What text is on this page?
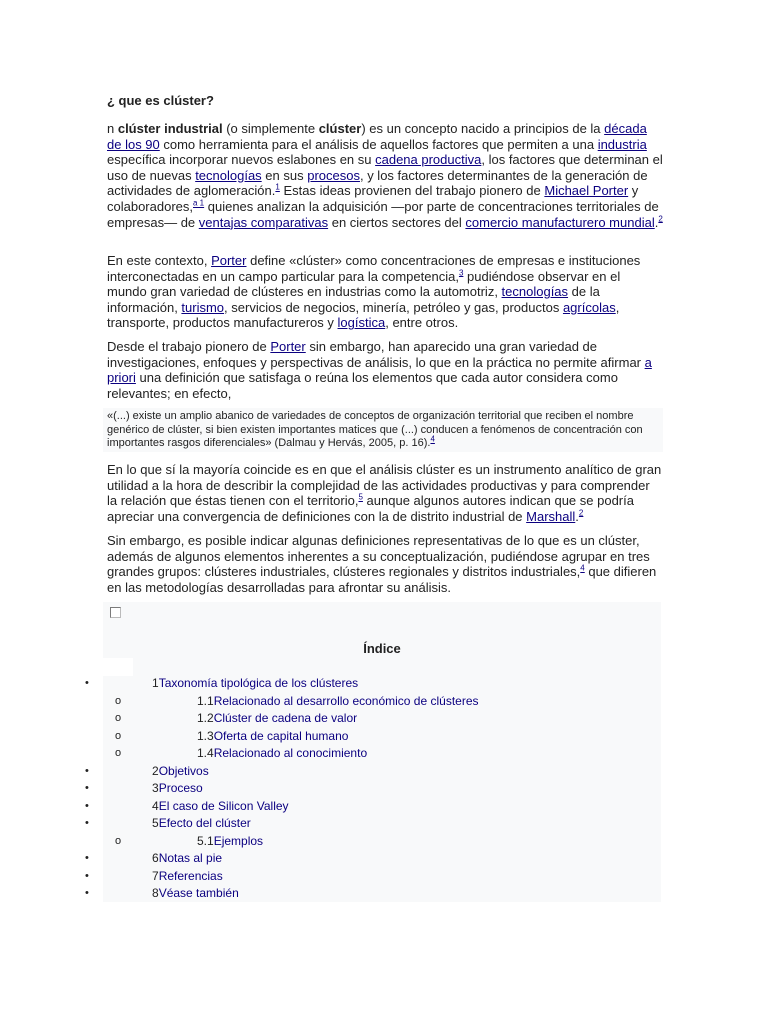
¿ que es clúster?
n clúster industrial (o simplemente clúster) es un concepto nacido a principios de la década de los 90 como herramienta para el análisis de aquellos factores que permiten a una industria específica incorporar nuevos eslabones en su cadena productiva, los factores que determinan el uso de nuevas tecnologías en sus procesos, y los factores determinantes de la generación de actividades de aglomeración.$^1$ Estas ideas provienen del trabajo pionero de Michael Porter y colaboradores,$^{a 1}$ quienes analizan la adquisición —por parte de concentraciones territoriales de empresas— de ventajas comparativas en ciertos sectores del comercio manufacturero mundial.$^2$
En este contexto, Porter define «clúster» como concentraciones de empresas e instituciones interconectadas en un campo particular para la competencia,$^3$ pudiéndose observar en el mundo gran variedad de clústeres en industrias como la automotriz, tecnologías de la información, turismo, servicios de negocios, minería, petróleo y gas, productos agrícolas, transporte, productos manufactureros y logística, entre otros.
Desde el trabajo pionero de Porter sin embargo, han aparecido una gran variedad de investigaciones, enfoques y perspectivas de análisis, lo que en la práctica no permite afirmar a priori una definición que satisfaga o reúna los elementos que cada autor considera como relevantes; en efecto,
«(...) existe un amplio abanico de variedades de conceptos de organización territorial que reciben el nombre genérico de clúster, si bien existen importantes matices que (...) conducen a fenómenos de concentración con importantes rasgos diferenciales» (Dalmau y Hervás, 2005, p. 16).$^4$
En lo que sí la mayoría coincide es en que el análisis clúster es un instrumento analítico de gran utilidad a la hora de describir la complejidad de las actividades productivas y para comprender la relación que éstas tienen con el territorio,$^5$ aunque algunos autores indican que se podría apreciar una convergencia de definiciones con la de distrito industrial de Marshall.$^2$
Sin embargo, es posible indicar algunas definiciones representativas de lo que es un clúster, además de algunos elementos inherentes a su conceptualización, pudiéndose agrupar en tres grandes grupos: clústeres industriales, clústeres regionales y distritos industriales,$^4$ que difieren en las metodologías desarrolladas para afrontar su análisis.
Índice
•	1Taxonomía tipológica de los clústeres
o	1.1Relacionado al desarrollo económico de clústeres
o	1.2Clúster de cadena de valor
o	1.3Oferta de capital humano
o	1.4Relacionado al conocimiento
•	2Objetivos
•	3Proceso
•	4El caso de Silicon Valley
•	5Efecto del clúster
o	5.1Ejemplos
•	6Notas al pie
•	7Referencias
•	8Véase también
